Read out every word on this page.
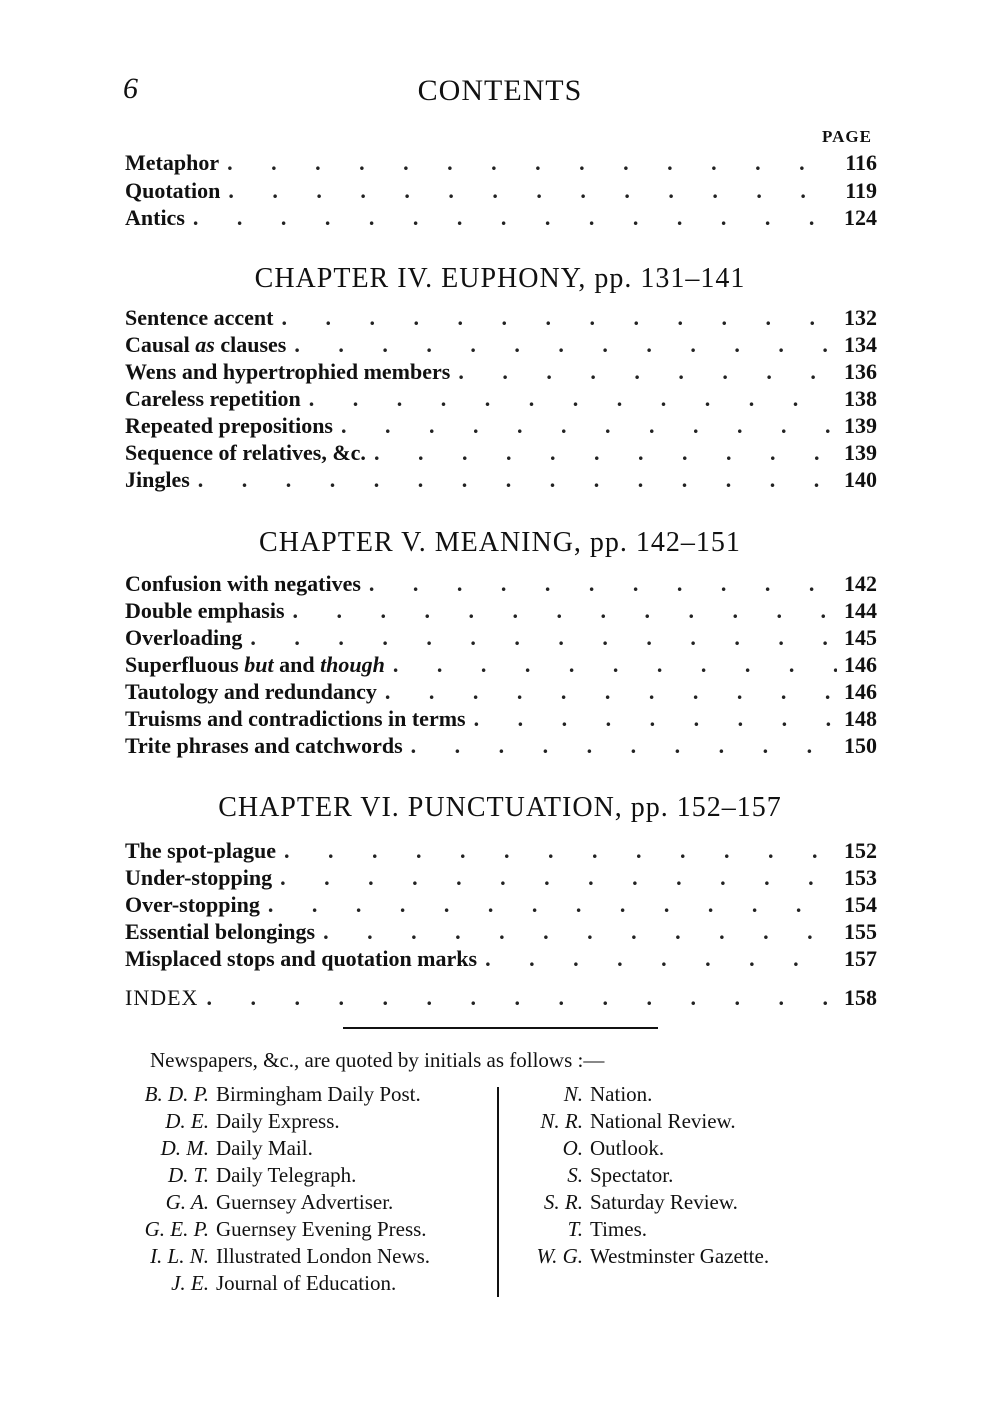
6	CONTENTS
PAGE
Metaphor .	116
Quotation .	119
Antics .	124
CHAPTER IV. EUPHONY, pp. 131–141
Sentence accent .	132
Causal as clauses .	134
Wens and hypertrophied members .	136
Careless repetition .	138
Repeated prepositions .	139
Sequence of relatives, &c. .	139
Jingles .	140
CHAPTER V. MEANING, pp. 142–151
Confusion with negatives .	142
Double emphasis .	144
Overloading .	145
Superfluous but and though .	146
Tautology and redundancy .	146
Truisms and contradictions in terms .	148
Trite phrases and catchwords .	150
CHAPTER VI. PUNCTUATION, pp. 152–157
The spot-plague .	152
Under-stopping .	153
Over-stopping .	154
Essential belongings .	155
Misplaced stops and quotation marks .	157
INDEX .	158
Newspapers, &c., are quoted by initials as follows :—
B. D. P. Birmingham Daily Post.
D. E. Daily Express.
D. M. Daily Mail.
D. T. Daily Telegraph.
G. A. Guernsey Advertiser.
G. E. P. Guernsey Evening Press.
I. L. N. Illustrated London News.
J. E. Journal of Education.
N. Nation.
N. R. National Review.
O. Outlook.
S. Spectator.
S. R. Saturday Review.
T. Times.
W. G. Westminster Gazette.
